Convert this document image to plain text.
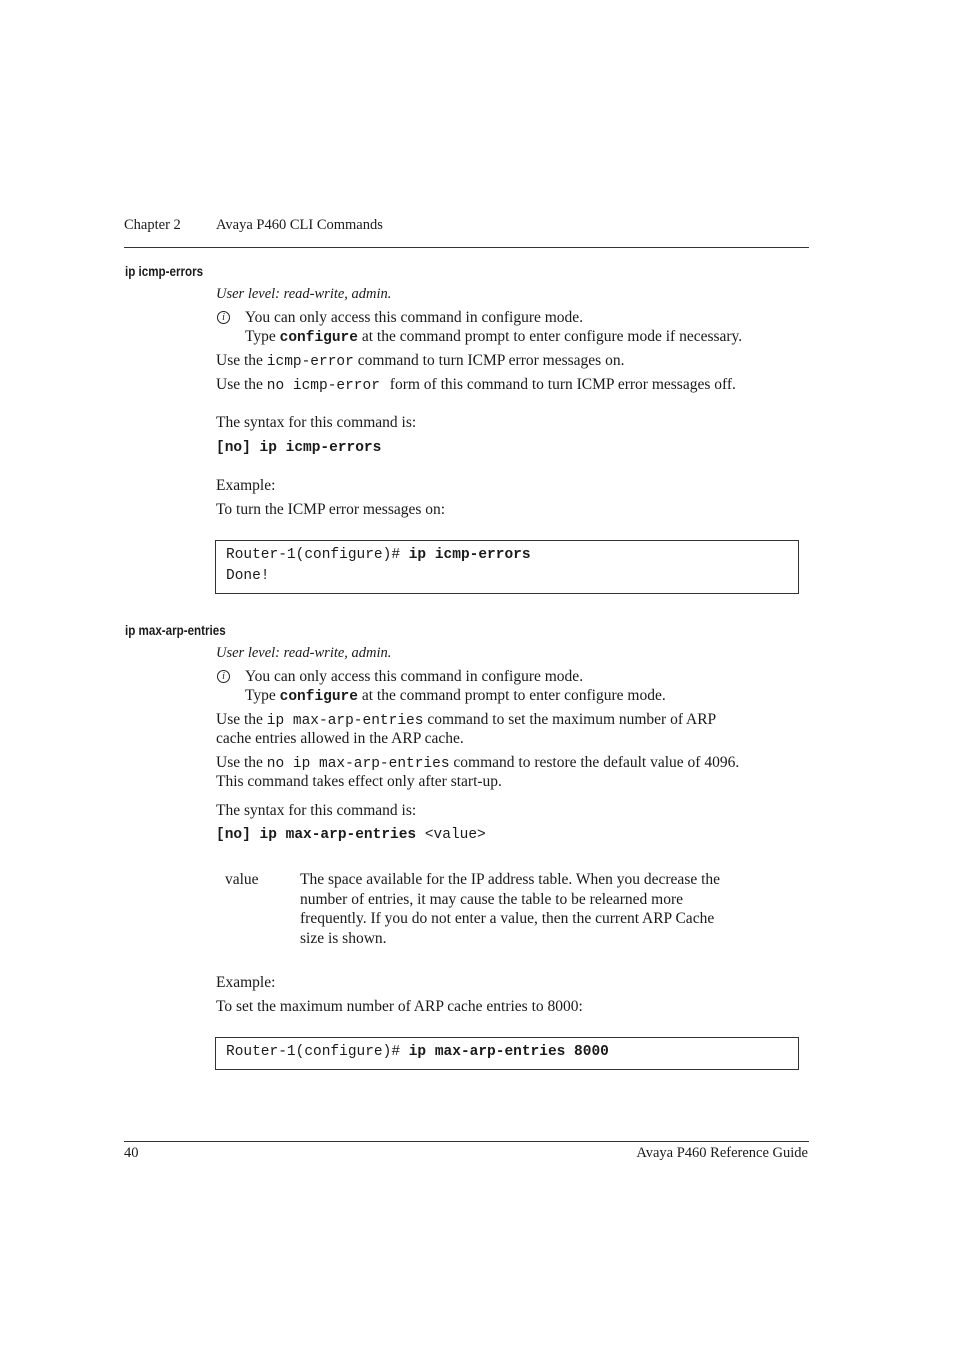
Chapter 2 Avaya P460 CLI Commands
ip icmp-errors
User level: read-write, admin.
i	You can only access this command in configure mode.
Type configure at the command prompt to enter configure mode if necessary.
Use the icmp-error command to turn ICMP error messages on.
Use the no icmp-error form of this command to turn ICMP error messages off.
The syntax for this command is:
[no] ip icmp-errors
Example:
To turn the ICMP error messages on:
Router-1(configure)# ip icmp-errors
Done!
ip max-arp-entries
User level: read-write, admin.
i	You can only access this command in configure mode.
Type configure at the command prompt to enter configure mode.
Use the ip max-arp-entries command to set the maximum number of ARP
cache entries allowed in the ARP cache.
Use the no ip max-arp-entries command to restore the default value of 4096.
This command takes effect only after start-up.
The syntax for this command is:
[no] ip max-arp-entries <value>
value	The space available for the IP address table. When you decrease the
number of entries, it may cause the table to be relearned more
frequently. If you do not enter a value, then the current ARP Cache
size is shown.
Example:
To set the maximum number of ARP cache entries to 8000:
Router-1(configure)# ip max-arp-entries 8000
40	Avaya P460 Reference Guide
